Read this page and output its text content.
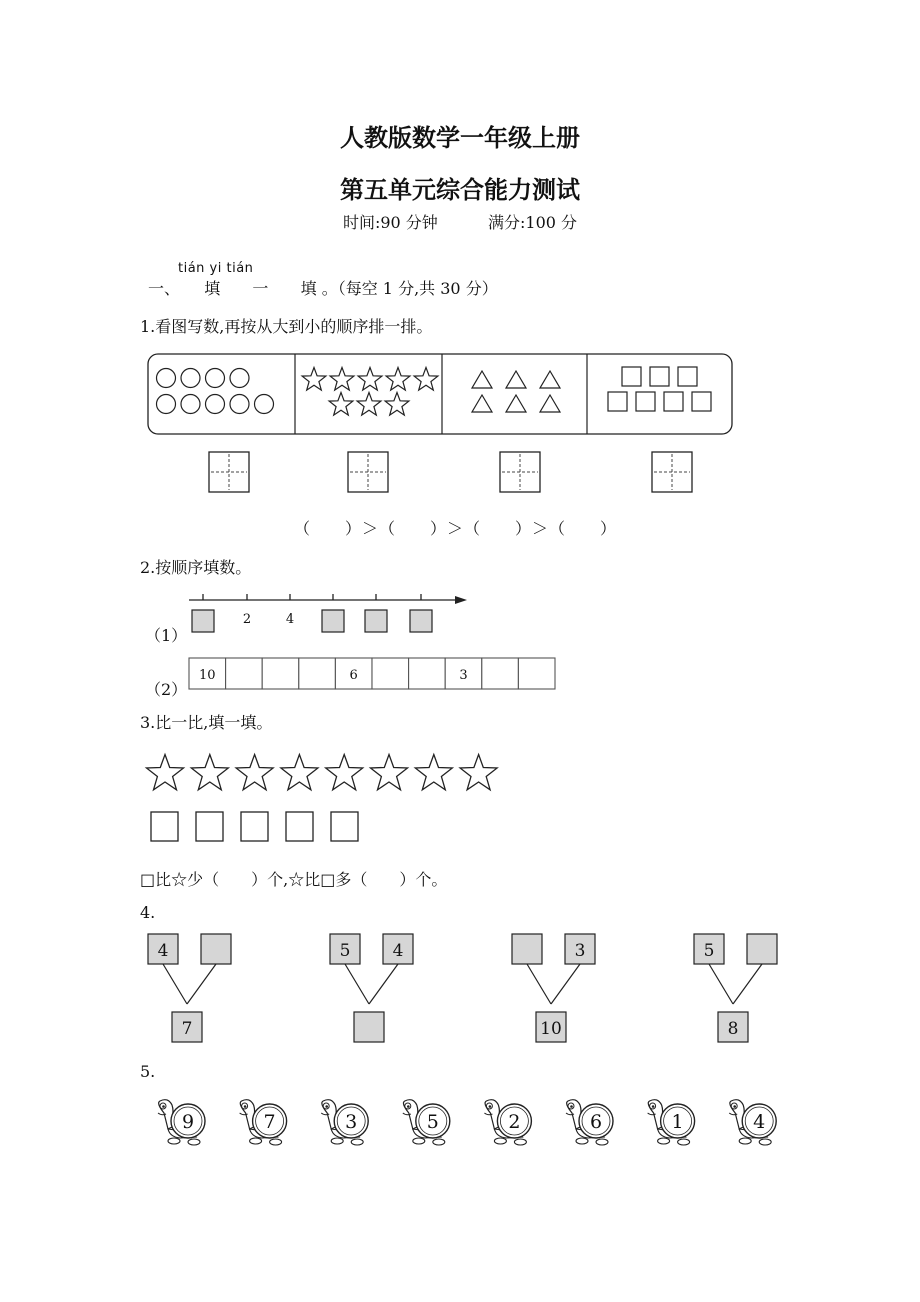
人教版数学一年级上册
第五单元综合能力测试
时间:90 分钟	满分:100 分
tián yi tián
一、 填 一 填 。（每空 1 分,共 30 分）
1.看图写数,再按从大到小的顺序排一排。
（　　）＞（　　）＞（　　）＞（　　）
2.按顺序填数。
（1）
2	4
（2）
10	6	3
3.比一比,填一填。
□比☆少（　　）个,☆比□多（　　）个。
4.
4
7
5 4	3
10
5
8
5.
9	7	3	5	2	6	1	4
